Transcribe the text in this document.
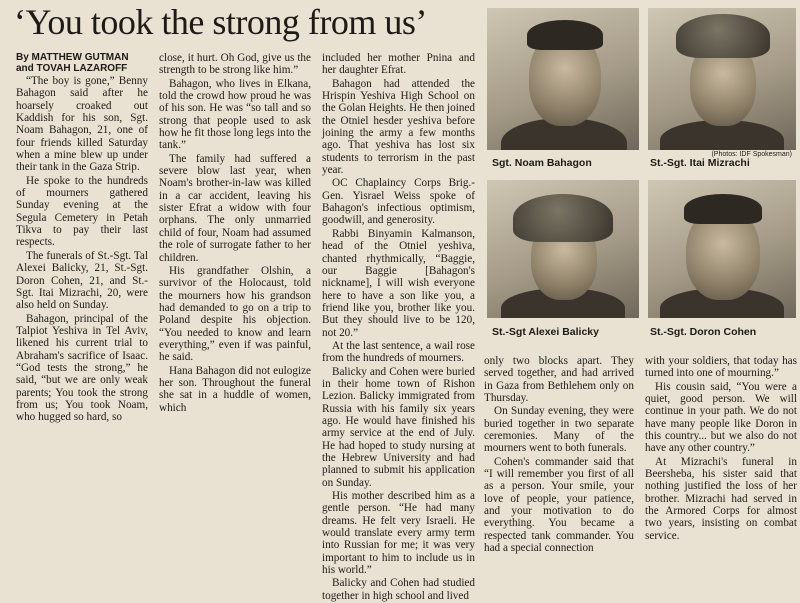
‘You took the strong from us’

By MATTHEW GUTMAN
and TOVAH LAZAROFF

“The boy is gone,” Benny Bahagon said after he hoarsely croaked out Kaddish for his son, Sgt. Noam Bahagon, 21, one of four friends killed Saturday when a mine blew up under their tank in the Gaza Strip.

He spoke to the hundreds of mourners gathered Sunday evening at the Segula Cemetery in Petah Tikva to pay their last respects.

The funerals of St.-Sgt. Tal Alexei Balicky, 21, St.-Sgt. Doron Cohen, 21, and St.-Sgt. Itai Mizrachi, 20, were also held on Sunday.

Bahagon, principal of the Talpiot Yeshiva in Tel Aviv, likened his current trial to Abraham's sacrifice of Isaac. “God tests the strong,” he said, “but we are only weak parents; You took the strong from us; You took Noam, who hugged so hard, so

close, it hurt. Oh God, give us the strength to be strong like him.”

Bahagon, who lives in Elkana, told the crowd how proud he was of his son. He was “so tall and so strong that people used to ask how he fit those long legs into the tank.”

The family had suffered a severe blow last year, when Noam's brother-in-law was killed in a car accident, leaving his sister Efrat a widow with four orphans. The only unmarried child of four, Noam had assumed the role of surrogate father to her children.

His grandfather Olshin, a survivor of the Holocaust, told the mourners how his grandson had demanded to go on a trip to Poland despite his objection. “You needed to know and learn everything,” even if was painful, he said.

Hana Bahagon did not eulogize her son. Throughout the funeral she sat in a huddle of women, which

included her mother Pnina and her daughter Efrat.

Bahagon had attended the Hrispin Yeshiva High School on the Golan Heights. He then joined the Otniel hesder yeshiva before joining the army a few months ago. That yeshiva has lost six students to terrorism in the past year.

OC Chaplaincy Corps Brig.-Gen. Yisrael Weiss spoke of Bahagon's infectious optimism, goodwill, and generosity.

Rabbi Binyamin Kalmanson, head of the Otniel yeshiva, chanted rhythmically, “Baggie, our Baggie [Bahagon's nickname], I will wish everyone here to have a son like you, a friend like you, brother like you. But they should live to be 120, not 20.”

At the last sentence, a wail rose from the hundreds of mourners.

Balicky and Cohen were buried in their home town of Rishon Lezion. Balicky immigrated from Russia with his family six years ago. He would have finished his army service at the end of July. He had hoped to study nursing at the Hebrew University and had planned to submit his application on Sunday.

His mother described him as a gentle person. “He had many dreams. He felt very Israeli. He would translate every army term into Russian for me; it was very important to him to include us in his world.”

Balicky and Cohen had studied together in high school and lived

Sgt. Noam Bahagon
(Photos: IDF Spokesman)
St.-Sgt. Itai Mizrachi
St.-Sgt Alexei Balicky	St.-Sgt. Doron Cohen

only two blocks apart. They served together, and had arrived in Gaza from Bethlehem only on Thursday.

On Sunday evening, they were buried together in two separate ceremonies. Many of the mourners went to both funerals.

Cohen's commander said that “I will remember you first of all as a person. Your smile, your love of people, your patience, and your motivation to do everything. You became a respected tank commander. You had a special connection

with your soldiers, that today has turned into one of mourning.”

His cousin said, “You were a quiet, good person. We will continue in your path. We do not have many people like Doron in this country... but we also do not have any other country.”

At Mizrachi's funeral in Beersheba, his sister said that nothing justified the loss of her brother. Mizrachi had served in the Armored Corps for almost two years, insisting on combat service.
